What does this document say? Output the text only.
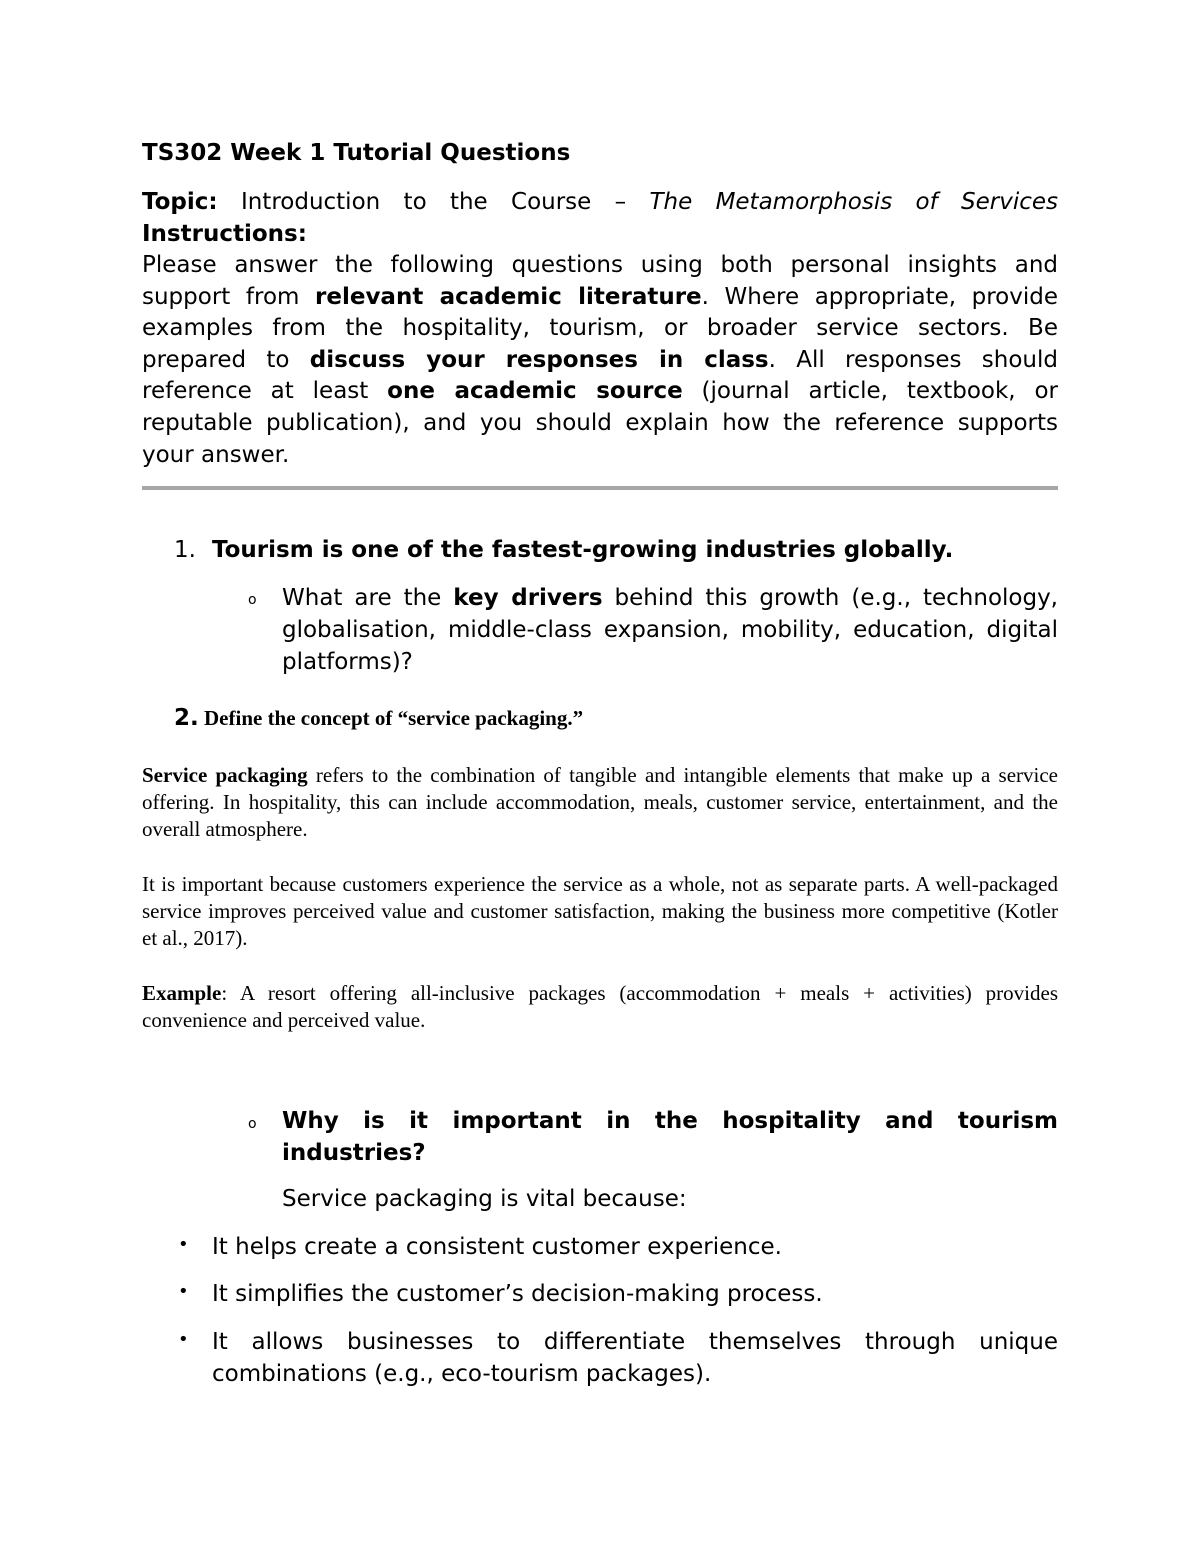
TS302 Week 1 Tutorial Questions
Topic: Introduction to the Course – The Metamorphosis of Services
Instructions:
Please answer the following questions using both personal insights and support from relevant academic literature. Where appropriate, provide examples from the hospitality, tourism, or broader service sectors. Be prepared to discuss your responses in class. All responses should reference at least one academic source (journal article, textbook, or reputable publication), and you should explain how the reference supports your answer.
1. Tourism is one of the fastest-growing industries globally.
o What are the key drivers behind this growth (e.g., technology, globalisation, middle-class expansion, mobility, education, digital platforms)?
2. Define the concept of “service packaging.”
Service packaging refers to the combination of tangible and intangible elements that make up a service offering. In hospitality, this can include accommodation, meals, customer service, entertainment, and the overall atmosphere.
It is important because customers experience the service as a whole, not as separate parts. A well-packaged service improves perceived value and customer satisfaction, making the business more competitive (Kotler et al., 2017).
Example: A resort offering all-inclusive packages (accommodation + meals + activities) provides convenience and perceived value.
o Why is it important in the hospitality and tourism industries?
Service packaging is vital because:
• It helps create a consistent customer experience.
• It simplifies the customer’s decision-making process.
• It allows businesses to differentiate themselves through unique combinations (e.g., eco-tourism packages).
